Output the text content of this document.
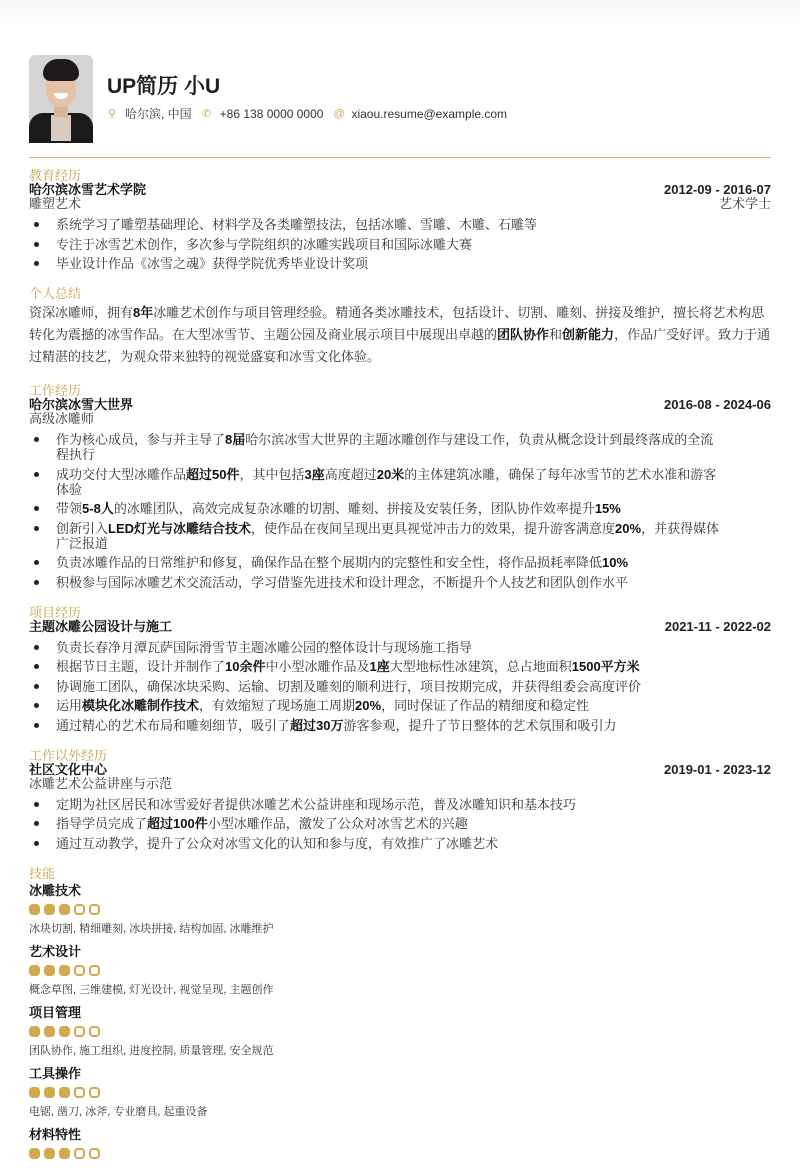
UP简历 小U
⚲ 哈尔滨, 中国 ✆ +86 138 0000 0000 @ xiaou.resume@example.com
教育经历
哈尔滨冰雪艺术学院	2012-09 - 2016-07
雕塑艺术	艺术学士
系统学习了雕塑基础理论、材料学及各类雕塑技法，包括冰雕、雪雕、木雕、石雕等
专注于冰雪艺术创作，多次参与学院组织的冰雕实践项目和国际冰雕大赛
毕业设计作品《冰雪之魂》获得学院优秀毕业设计奖项
个人总结

资深冰雕师，拥有8年冰雕艺术创作与项目管理经验。精通各类冰雕技术，包括设计、切割、雕刻、拼接及维护，擅长将艺术构思转化为震撼的冰雪作品。在大型冰雪节、主题公园及商业展示项目中展现出卓越的团队协作和创新能力，作品广受好评。致力于通过精湛的技艺，为观众带来独特的视觉盛宴和冰雪文化体验。

工作经历
哈尔滨冰雪大世界	2016-08 - 2024-06
高级冰雕师
作为核心成员，参与并主导了8届哈尔滨冰雪大世界的主题冰雕创作与建设工作，负责从概念设计到最终落成的全流程执行
成功交付大型冰雕作品超过50件，其中包括3座高度超过20米的主体建筑冰雕，确保了每年冰雪节的艺术水准和游客体验
带领5-8人的冰雕团队，高效完成复杂冰雕的切割、雕刻、拼接及安装任务，团队协作效率提升15%
创新引入LED灯光与冰雕结合技术，使作品在夜间呈现出更具视觉冲击力的效果，提升游客满意度20%，并获得媒体广泛报道
负责冰雕作品的日常维护和修复，确保作品在整个展期内的完整性和安全性，将作品损耗率降低10%
积极参与国际冰雕艺术交流活动，学习借鉴先进技术和设计理念，不断提升个人技艺和团队创作水平
项目经历
主题冰雕公园设计与施工	2021-11 - 2022-02
负责长春净月潭瓦萨国际滑雪节主题冰雕公园的整体设计与现场施工指导
根据节日主题，设计并制作了10余件中小型冰雕作品及1座大型地标性冰建筑，总占地面积1500平方米
协调施工团队，确保冰块采购、运输、切割及雕刻的顺利进行，项目按期完成，并获得组委会高度评价
运用模块化冰雕制作技术，有效缩短了现场施工周期20%，同时保证了作品的精细度和稳定性
通过精心的艺术布局和雕刻细节，吸引了超过30万游客参观，提升了节日整体的艺术氛围和吸引力
工作以外经历
社区文化中心	2019-01 - 2023-12
冰雕艺术公益讲座与示范
定期为社区居民和冰雪爱好者提供冰雕艺术公益讲座和现场示范，普及冰雕知识和基本技巧
指导学员完成了超过100件小型冰雕作品，激发了公众对冰雪艺术的兴趣
通过互动教学，提升了公众对冰雪文化的认知和参与度，有效推广了冰雕艺术
技能
冰雕技术
冰块切割, 精细雕刻, 冰块拼接, 结构加固, 冰雕维护
艺术设计
概念草图, 三维建模, 灯光设计, 视觉呈现, 主题创作
项目管理
团队协作, 施工组织, 进度控制, 质量管理, 安全规范
工具操作
电锯, 凿刀, 冰斧, 专业磨具, 起重设备
材料特性
